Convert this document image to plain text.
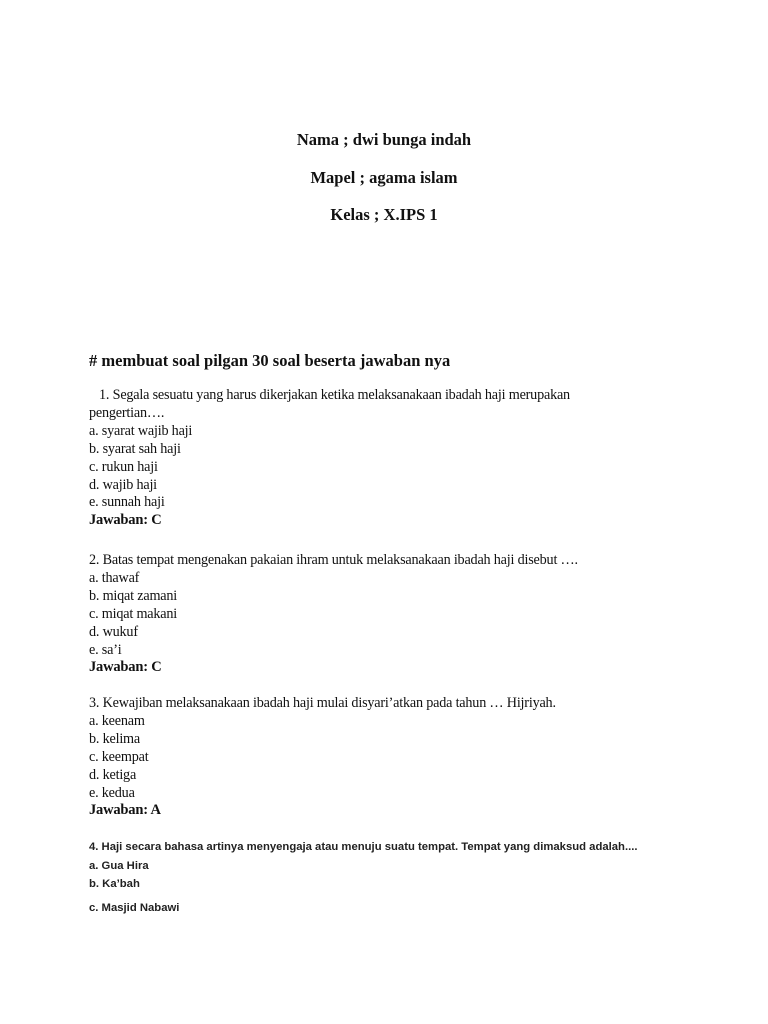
Nama ; dwi bunga indah
Mapel ; agama islam
Kelas ; X.IPS 1
# membuat soal pilgan 30 soal beserta jawaban nya
1. Segala sesuatu yang harus dikerjakan ketika melaksanakaan ibadah haji merupakan
pengertian….
a. syarat wajib haji
b. syarat sah haji
c. rukun haji
d. wajib haji
e. sunnah haji
Jawaban: C
2. Batas tempat mengenakan pakaian ihram untuk melaksanakaan ibadah haji disebut ….
a. thawaf
b. miqat zamani
c. miqat makani
d. wukuf
e. sa’i
Jawaban: C
3. Kewajiban melaksanakaan ibadah haji mulai disyari’atkan pada tahun … Hijriyah.
a. keenam
b. kelima
c. keempat
d. ketiga
e. kedua
Jawaban: A
4. Haji secara bahasa artinya menyengaja atau menuju suatu tempat. Tempat yang dimaksud adalah....
a. Gua Hira
b. Ka’bah
c. Masjid Nabawi
